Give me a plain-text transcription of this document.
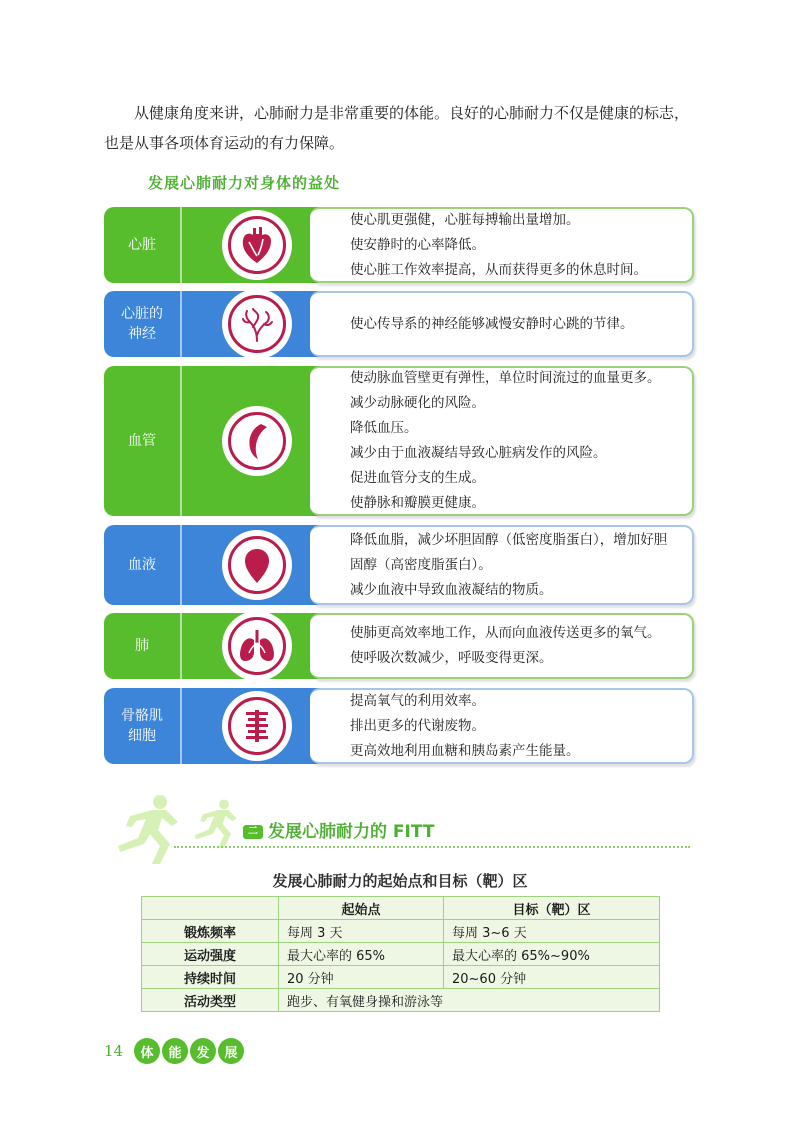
从健康角度来讲，心肺耐力是非常重要的体能。良好的心肺耐力不仅是健康的标志，
也是从事各项体育运动的有力保障。

发展心肺耐力对身体的益处
心脏
使心肌更强健，心脏每搏输出量增加。
使安静时的心率降低。
使心脏工作效率提高，从而获得更多的休息时间。
心脏的
神经
使心传导系的神经能够减慢安静时心跳的节律。
血管
使动脉血管壁更有弹性，单位时间流过的血量更多。
减少动脉硬化的风险。
降低血压。
减少由于血液凝结导致心脏病发作的风险。
促进血管分支的生成。
使静脉和瓣膜更健康。
血液
降低血脂，减少坏胆固醇（低密度脂蛋白），增加好胆
固醇（高密度脂蛋白）。
减少血液中导致血液凝结的物质。
肺
使肺更高效率地工作，从而向血液传送更多的氧气。
使呼吸次数减少，呼吸变得更深。
骨骼肌
细胞
提高氧气的利用效率。
排出更多的代谢废物。
更高效地利用血糖和胰岛素产生能量。
二 发展心肺耐力的 FITT
发展心肺耐力的起始点和目标（靶）区
	起始点	目标（靶）区
锻炼频率	每周 3 天	每周 3~6 天
运动强度	最大心率的 65%	最大心率的 65%~90%
持续时间	20 分钟	20~60 分钟
活动类型	跑步、有氧健身操和游泳等	
14	体	能	发	展
